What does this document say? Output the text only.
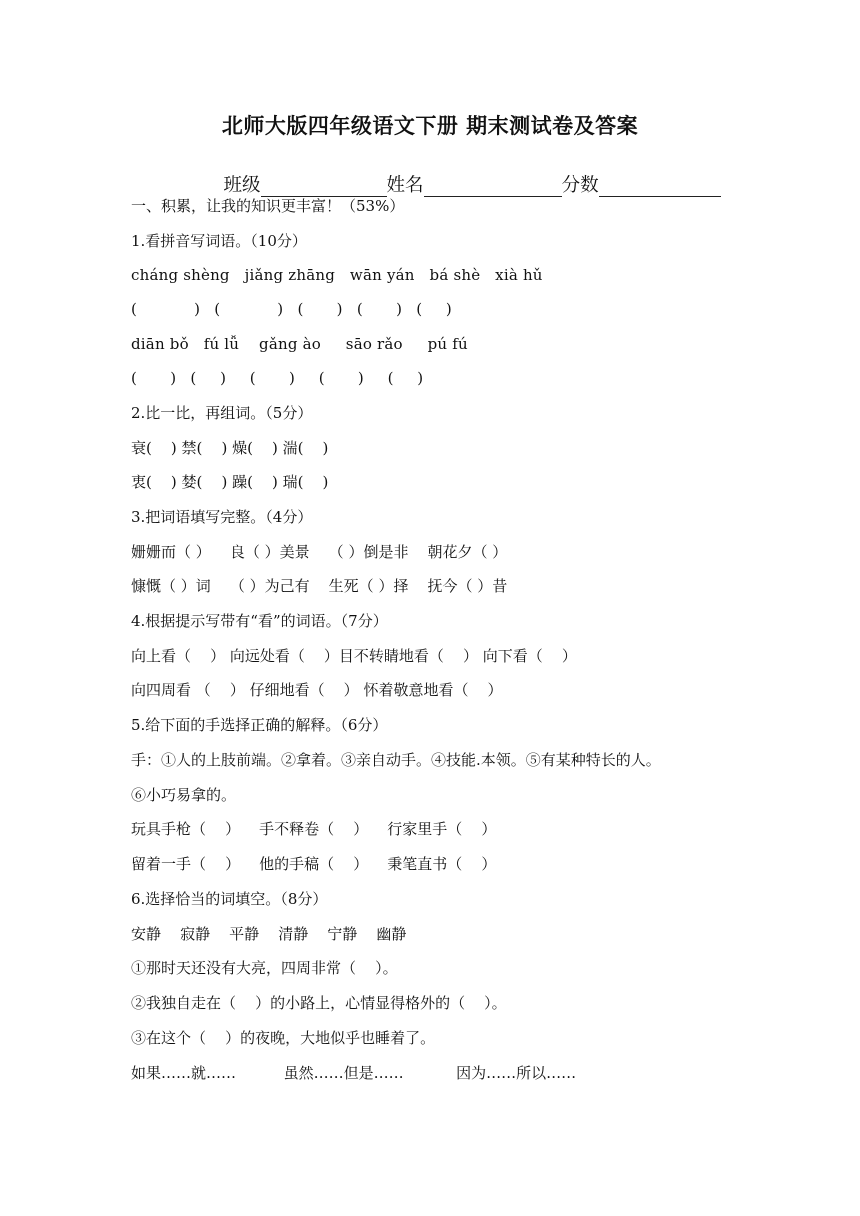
北师大版四年级语文下册 期末测试卷及答案

班级	姓名	分数

一、积累，让我的知识更丰富！（53%）
1.看拼音写词语。（10分）
cháng shèng   jiǎng zhāng   wān yán   bá shè   xià hǔ
(            )   (            )   (       )   (       )   (     )
diān bǒ   fú lǚ    gǎng ào     sāo rǎo     pú fú
(       )   (     )     (       )     (       )     (     )
2.比一比，再组词。（5分）
衰(    ) 禁(    ) 燥(    ) 湍(    )
衷(    ) 婪(    ) 躁(    ) 瑞(    )
3.把词语填写完整。（4分）
姗姗而（ ）    良（ ）美景    （ ）倒是非    朝花夕（ ）
慷慨（ ）词    （ ）为己有    生死（ ）择    抚今（ ）昔
4.根据提示写带有“看”的词语。（7分）
向上看（    ） 向远处看（    ）目不转睛地看（    ） 向下看（    ）
向四周看 （    ） 仔细地看（    ） 怀着敬意地看（    ）
5.给下面的手选择正确的解释。（6分）
手：①人的上肢前端。②拿着。③亲自动手。④技能.本领。⑤有某种特长的人。
⑥小巧易拿的。
玩具手枪（    ）    手不释卷（    ）    行家里手（    ）
留着一手（    ）    他的手稿（    ）    秉笔直书（    ）
6.选择恰当的词填空。（8分）
安静    寂静    平静    清静    宁静    幽静
①那时天还没有大亮，四周非常（    ）。
②我独自走在（    ）的小路上，心情显得格外的（    ）。
③在这个（    ）的夜晚，大地似乎也睡着了。
如果……就……          虽然……但是……           因为……所以……
